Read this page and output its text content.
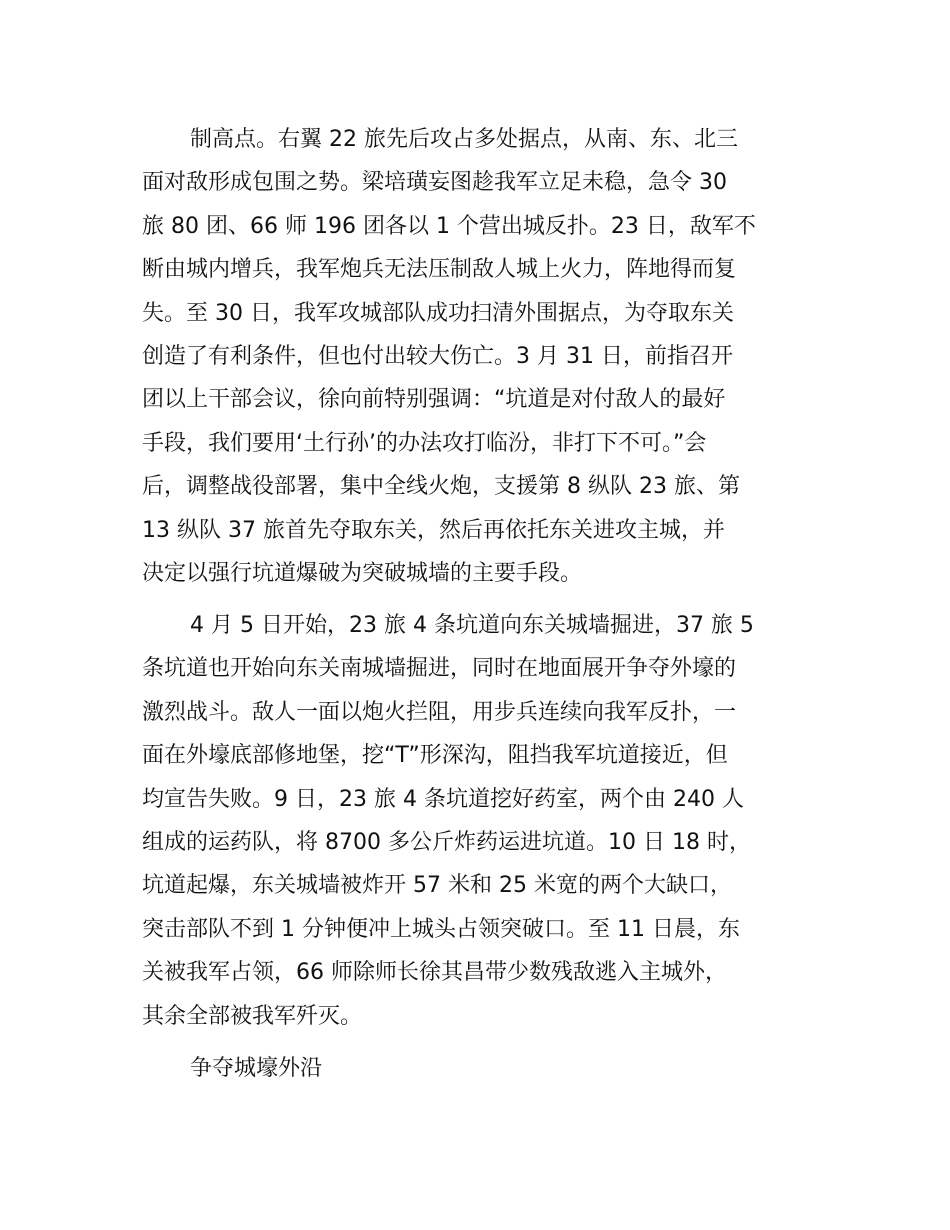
制高点。右翼 22 旅先后攻占多处据点，从南、东、北三
面对敌形成包围之势。梁培璜妄图趁我军立足未稳，急令 30
旅 80 团、66 师 196 团各以 1 个营出城反扑。23 日，敌军不
断由城内增兵，我军炮兵无法压制敌人城上火力，阵地得而复
失。至 30 日，我军攻城部队成功扫清外围据点，为夺取东关
创造了有利条件，但也付出较大伤亡。3 月 31 日，前指召开
团以上干部会议，徐向前特别强调：“坑道是对付敌人的最好
手段，我们要用‘土行孙’的办法攻打临汾，非打下不可。”会
后，调整战役部署，集中全线火炮，支援第 8 纵队 23 旅、第
13 纵队 37 旅首先夺取东关，然后再依托东关进攻主城，并
决定以强行坑道爆破为突破城墙的主要手段。
4 月 5 日开始，23 旅 4 条坑道向东关城墙掘进，37 旅 5
条坑道也开始向东关南城墙掘进，同时在地面展开争夺外壕的
激烈战斗。敌人一面以炮火拦阻，用步兵连续向我军反扑，一
面在外壕底部修地堡，挖“T”形深沟，阻挡我军坑道接近，但
均宣告失败。9 日，23 旅 4 条坑道挖好药室，两个由 240 人
组成的运药队，将 8700 多公斤炸药运进坑道。10 日 18 时，
坑道起爆，东关城墙被炸开 57 米和 25 米宽的两个大缺口，
突击部队不到 1 分钟便冲上城头占领突破口。至 11 日晨，东
关被我军占领，66 师除师长徐其昌带少数残敌逃入主城外，
其余全部被我军歼灭。
争夺城壕外沿
